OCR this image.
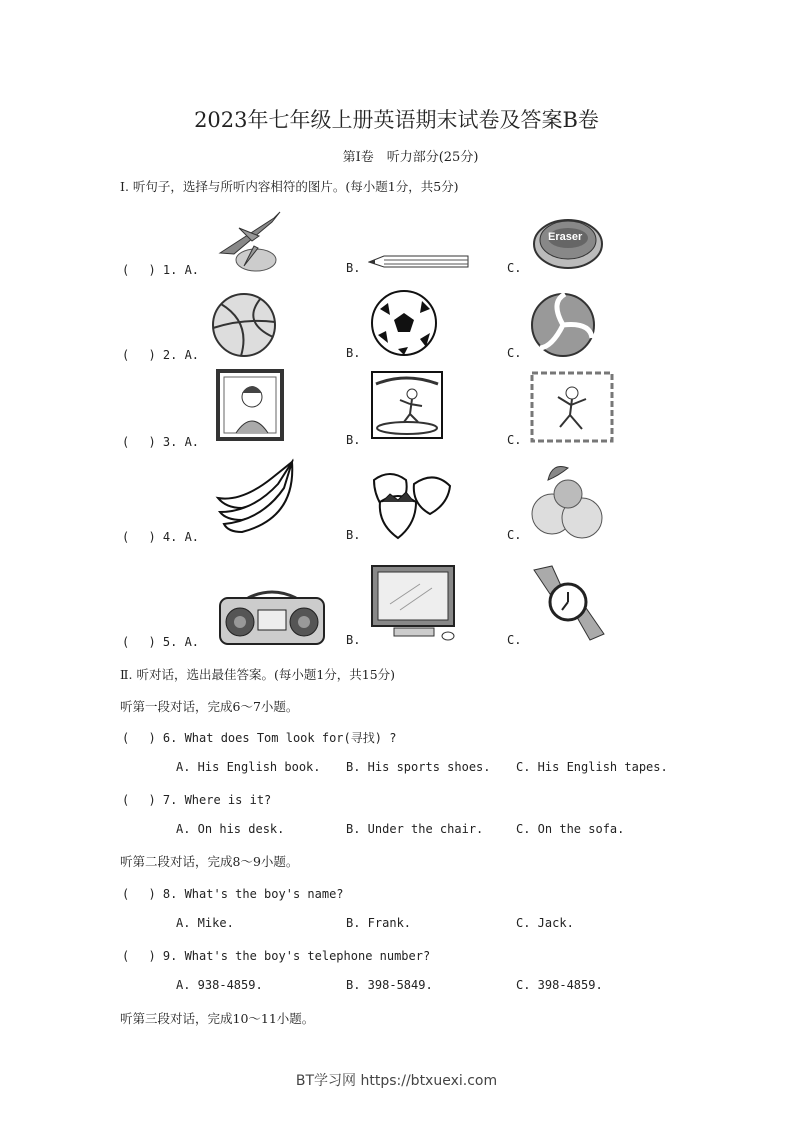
2023年七年级上册英语期末试卷及答案B卷
第Ⅰ卷　听力部分(25分)
Ⅰ. 听句子，选择与所听内容相符的图片。(每小题1分，共5分)
(　 ) 1. A.	B.	C.
Eraser
(　 ) 2. A.	B.	C.
(　 ) 3. A.	B.	C.
(　 ) 4. A.	B.	C.
(　 ) 5. A.	B.	C.
Ⅱ. 听对话，选出最佳答案。(每小题1分，共15分)
听第一段对话，完成6～7小题。
(　 ) 6. What does Tom look for(寻找) ?
A. His English book. B. His sports shoes. C. His English tapes.
(　 ) 7. Where is it?
A. On his desk.	B. Under the chair.	C. On the sofa.
听第二段对话，完成8～9小题。
(　 ) 8. What's the boy's name?
A. Mike.	B. Frank.	C. Jack.
(　 ) 9. What's the boy's telephone number?
A. 938-4859.	B. 398-5849.	C. 398-4859.
听第三段对话，完成10～11小题。
BT学习网 https://btxuexi.com
